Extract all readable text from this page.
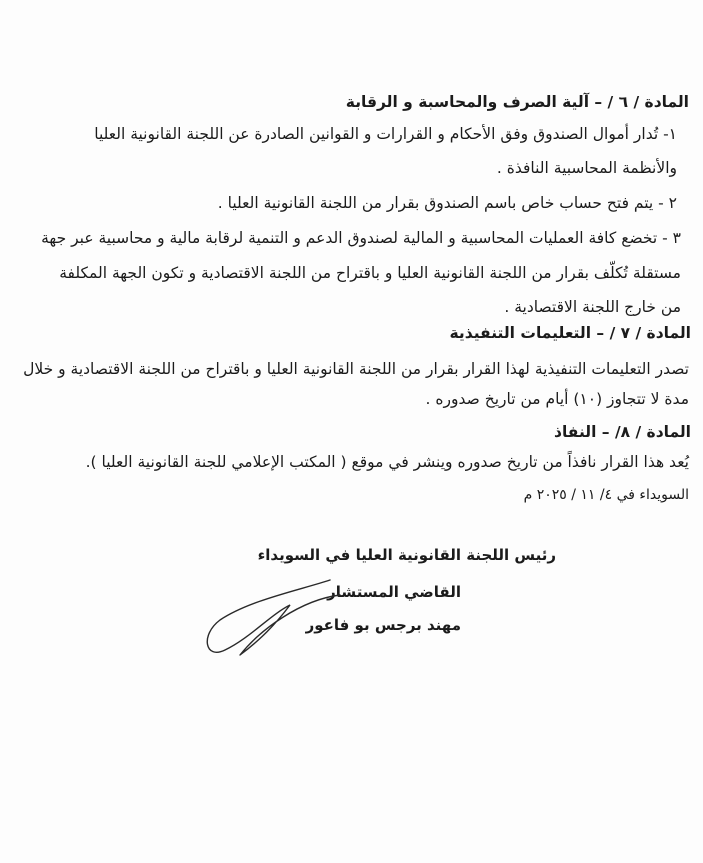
المادة / ٦ / – آلية الصرف والمحاسبة و الرقابة
١- تُدار أموال الصندوق وفق الأحكام و القرارات و القوانين الصادرة عن اللجنة القانونية العليا
والأنظمة المحاسبية النافذة .
٢ - يتم فتح حساب خاص باسم الصندوق بقرار من اللجنة القانونية العليا .
٣ - تخضع كافة العمليات المحاسبية و المالية لصندوق الدعم و التنمية لرقابة مالية و محاسبية عبر جهة
مستقلة تُكلّف بقرار من اللجنة القانونية العليا و باقتراح من اللجنة الاقتصادية و تكون الجهة المكلفة
من خارج اللجنة الاقتصادية .
المادة / ٧ / – التعليمات التنفيذية
تصدر التعليمات التنفيذية لهذا القرار بقرار من اللجنة القانونية العليا و باقتراح من اللجنة الاقتصادية و خلال
مدة لا تتجاوز (١٠) أيام من تاريخ صدوره .
المادة / ٨/ – النفاذ
يُعد هذا القرار نافذاً من تاريخ صدوره وينشر في موقع ( المكتب الإعلامي للجنة القانونية العليا ).
السويداء في ٤/ ١١ / ٢٠٢٥ م
رئيس اللجنة القانونية العليا في السويداء
القاضي المستشار
مهند برجس بو فاعور
